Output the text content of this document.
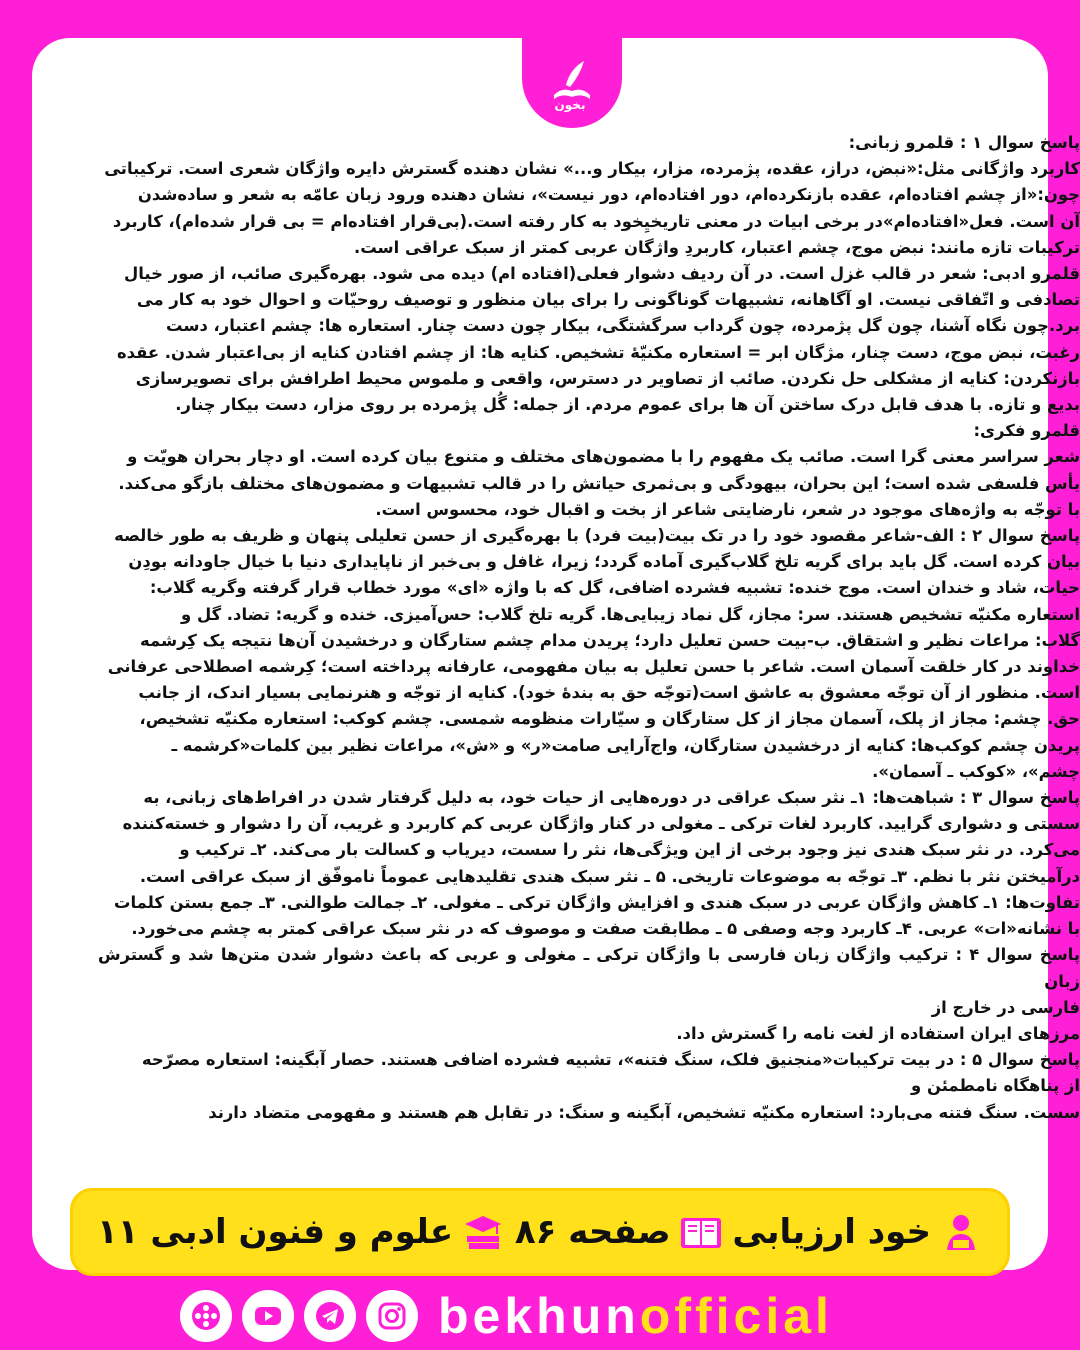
بخون

پاسخ سوال ۱ : قلمرو زبانی:

کاربرد واژگانی مثل:«نبض، دراز، عقده، پژمرده، مزار، بیکار و...» نشان دهنده گسترش دایره واژگان شعری است. ترکیباتی

چون:«از چشم افتاده‌ام، عقده بازنکرده‌ام، دور افتاده‌ام، دور نیست»، نشان دهنده ورود زبان عامّه به شعر و ساده‌شدن

آن است. فعل«افتاده‌ام»در برخی ابیات در معنی تاریخیِخود به کار رفته است.(بی‌قرار افتاده‌ام = بی قرار شده‌ام)، کاربرد

ترکیبات تازه مانند: نبض موج، چشم اعتبار، کاربردِ واژگان عربی کمتر از سبک عراقی است.

قلمرو ادبی: شعر در قالب غزل است. در آن ردیف دشوار فعلی(افتاده ام) دیده می شود. بهره‌گیری صائب، از صور خیال

تصادفی و اتّفاقی نیست. او آگاهانه، تشبیهات گوناگونی را برای بیان منظور و توصیف روحیّات و احوال خود به کار می

برد.چون نگاه آشنا، چون گل پژمرده، چون گرداب سرگشتگی، بیکار چون دست چنار. استعاره ها: چشم اعتبار، دست

رغبت، نبض موج، دست چنار، مژگان ابر = استعاره مکنیّهٔ تشخیص. کنایه ها: از چشم افتادن کنایه از بی‌اعتبار شدن. عقده

بازنکردن: کنایه از مشکلی حل نکردن. صائب از تصاویر در دسترس، واقعی و ملموس محیط اطرافش برای تصویرسازی

بدیع و تازه. با هدف قابل درک ساختن آن ها برای عموم مردم. از جمله: گُل پژمرده بر روی مزار، دست بیکار چنار.

قلمرو فکری:

شعر سراسر معنی گرا است. صائب یک مفهوم را با مضمون‌های مختلف و متنوع بیان کرده است. او دچار بحران هویّت و

یأس فلسفی شده است؛ این بحران، بیهودگی و بی‌ثمری حیاتش را در قالب تشبیهات و مضمون‌های مختلف بازگو می‌کند.

با توجّه به واژه‌های موجود در شعر، نارضایتی شاعر از بخت و اقبال خود، محسوس است.

پاسخ سوال ۲ : الف-شاعر مقصود خود را در تک بیت(بیت فرد) با بهره‌گیری از حسن تعلیلی پنهان و ظریف به طور خالصه

بیان کرده است. گل باید برای گریه تلخ گلاب‌گیری آماده گردد؛ زیرا، غافل و بی‌خبر از ناپایداری دنیا با خیال جاودانه بودِن

حیات، شاد و خندان است. موج خنده: تشبیه فشرده اضافی، گل که با واژه «ای» مورد خطاب قرار گرفته وگریه گلاب:

استعاره مکنیّه تشخیص هستند. سر: مجاز، گل نماد زیبایی‌ها. گریه تلخ گلاب: حس‌آمیزی. خنده و گریه: تضاد. گل و

گلاب: مراعات نظیر و اشتقاق. ب-بیت حسن تعلیل دارد؛ پریدن مدام چشم ستارگان و درخشیدن آن‌ها نتیجه یک کِرشمه

خداوند در کار خلقت آسمان است. شاعر با حسن تعلیل به بیان مفهومی، عارفانه پرداخته است؛ کِرشمه اصطلاحی عرفانی

است. منظور از آن توجّه معشوق به عاشق است(توجّه حق به بندهٔ خود). کنایه از توجّه و هنرنمایی بسیار اندک، از جانب

حق. چشم: مجاز از پلک، آسمان مجاز از کل ستارگان و سیّارات منظومه شمسی. چشم کوکب: استعاره مکنیّه تشخیص،

پریدن چشم کوکب‌ها: کنایه از درخشیدن ستارگان، واج‌آرایی صامت«ر» و «ش»، مراعات نظیر بین کلمات«کرشمه ـ

چشم»، «کوکب ـ آسمان».

پاسخ سوال ۳ : شباهت‌ها: ۱ـ نثر سبک عراقی در دوره‌هایی از حیات خود، به دلیل گرفتار شدن در افراط‌های زبانی، به

سستی و دشواری گرایید. کاربرد لغات ترکی ـ مغولی در کنار واژگان عربی کم کاربرد و غریب، آن را دشوار و خسته‌کننده

می‌کرد. در نثر سبک هندی نیز وجود برخی از این ویژگی‌ها، نثر را سست، دیریاب و کسالت بار می‌کند. ۲ـ ترکیب و

درآمیختن نثر با نظم. ۳ـ توجّه به موضوعات تاریخی. ۵ ـ نثر سبک هندی تقلیدهایی عموماً ناموفّق از سبک عراقی است.

تفاوت‌ها: ۱ـ کاهش واژگان عربی در سبک هندی و افزایش واژگان ترکی ـ مغولی. ۲ـ جمالت طوالنی. ۳ـ جمع بستن کلمات

با نشانه«ات» عربی. ۴ـ کاربرد وجه وصفی ۵ ـ مطابقت صفت و موصوف که در نثر سبک عراقی کمتر به چشم می‌خورد.

پاسخ سوال ۴ : ترکیب واژگان زبان فارسی با واژگان ترکی ـ مغولی و عربی که باعث دشوار شدن متن‌ها شد و گسترش زبان

فارسی در خارج از

مرزهای ایران استفاده از لغت نامه را گسترش داد.

پاسخ سوال ۵ : در بیت ترکیبات«منجنیق فلک، سنگ فتنه»، تشبیه فشرده اضافی هستند. حصار آبگینه: استعاره مصرّحه

از پناهگاه نامطمئن و

سست. سنگ فتنه می‌بارد: استعاره مکنیّه تشخیص، آبگینه و سنگ: در تقابل هم هستند و مفهومی متضاد دارند

خود ارزیابی
صفحه ۸۶
علوم و فنون ادبی ۱۱
bekhunofficial
